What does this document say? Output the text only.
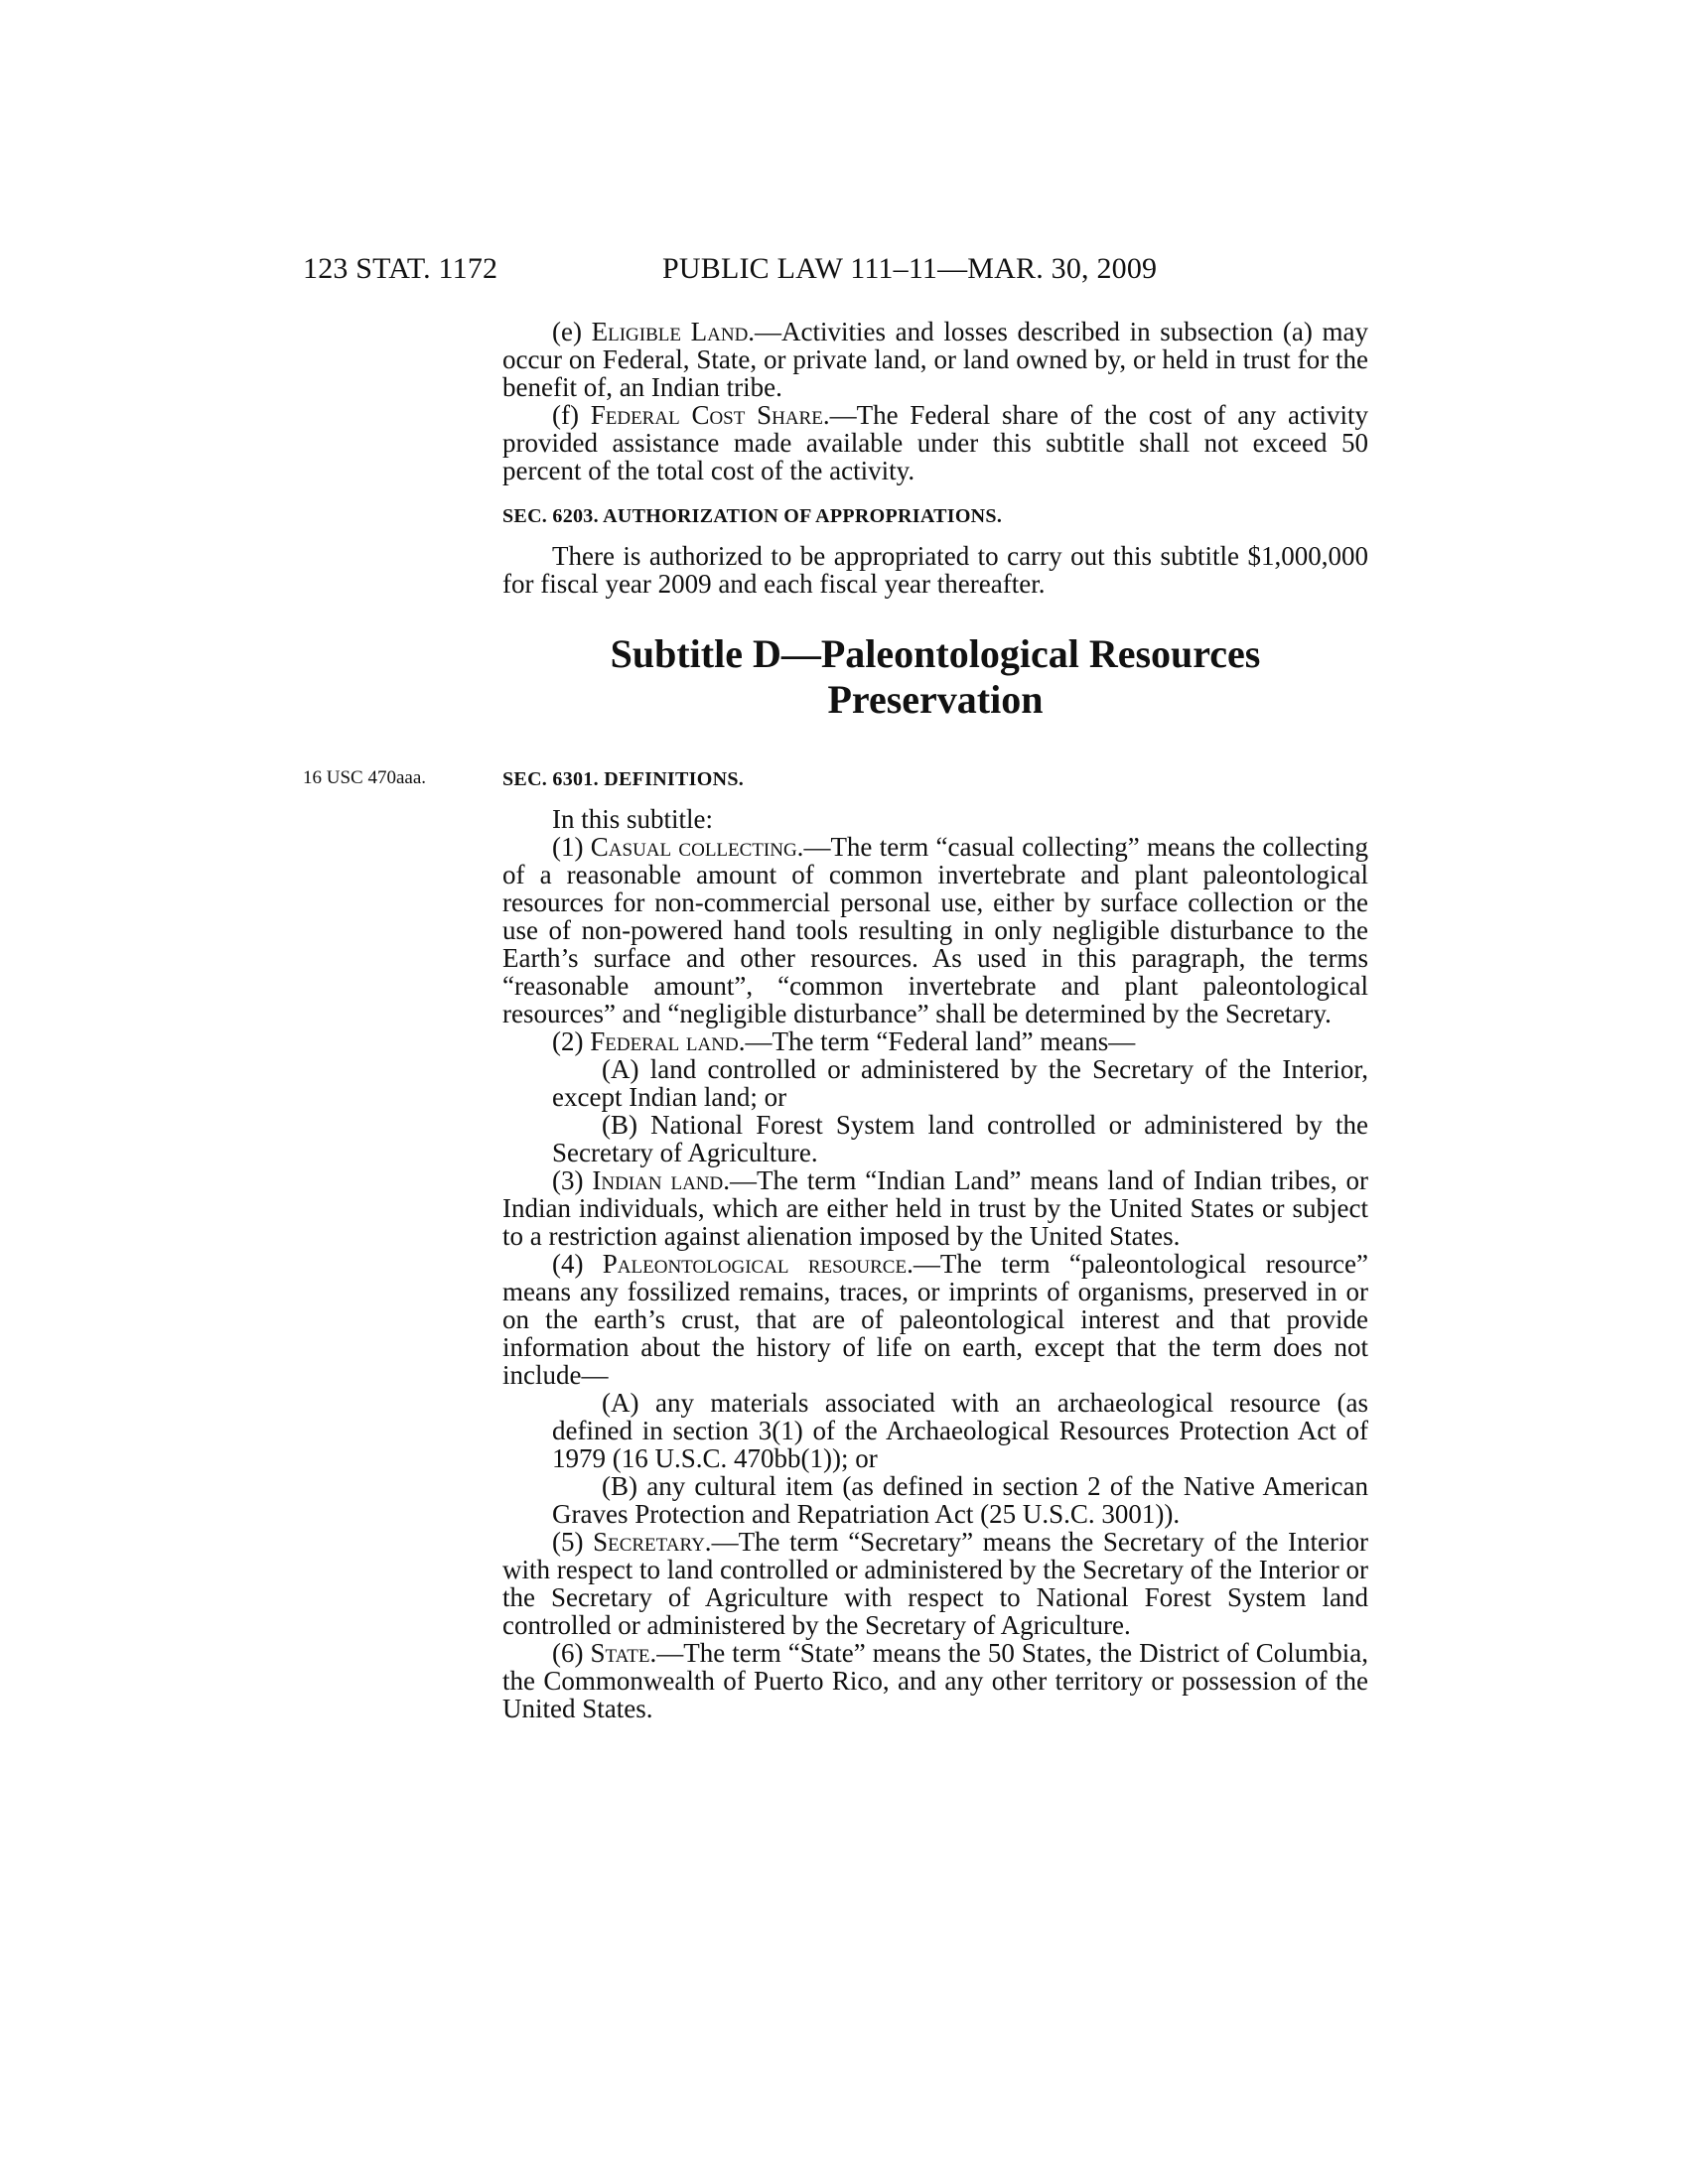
123 STAT. 1172	PUBLIC LAW 111–11—MAR. 30, 2009

(e) Eligible Land.—Activities and losses described in subsection (a) may occur on Federal, State, or private land, or land owned by, or held in trust for the benefit of, an Indian tribe.

(f) Federal Cost Share.—The Federal share of the cost of any activity provided assistance made available under this subtitle shall not exceed 50 percent of the total cost of the activity.

SEC. 6203. AUTHORIZATION OF APPROPRIATIONS.

There is authorized to be appropriated to carry out this subtitle $1,000,000 for fiscal year 2009 and each fiscal year thereafter.

Subtitle D—Paleontological Resources
Preservation
16 USC 470aaa.	SEC. 6301. DEFINITIONS.

In this subtitle:

(1) Casual collecting.—The term “casual collecting” means the collecting of a reasonable amount of common invertebrate and plant paleontological resources for non-commercial personal use, either by surface collection or the use of non-powered hand tools resulting in only negligible disturbance to the Earth’s surface and other resources. As used in this paragraph, the terms “reasonable amount”, “common invertebrate and plant paleontological resources” and “negligible disturbance” shall be determined by the Secretary.

(2) Federal land.—The term “Federal land” means—

(A) land controlled or administered by the Secretary of the Interior, except Indian land; or

(B) National Forest System land controlled or administered by the Secretary of Agriculture.

(3) Indian land.—The term “Indian Land” means land of Indian tribes, or Indian individuals, which are either held in trust by the United States or subject to a restriction against alienation imposed by the United States.

(4) Paleontological resource.—The term “paleontological resource” means any fossilized remains, traces, or imprints of organisms, preserved in or on the earth’s crust, that are of paleontological interest and that provide information about the history of life on earth, except that the term does not include—

(A) any materials associated with an archaeological resource (as defined in section 3(1) of the Archaeological Resources Protection Act of 1979 (16 U.S.C. 470bb(1)); or

(B) any cultural item (as defined in section 2 of the Native American Graves Protection and Repatriation Act (25 U.S.C. 3001)).

(5) Secretary.—The term “Secretary” means the Secretary of the Interior with respect to land controlled or administered by the Secretary of the Interior or the Secretary of Agriculture with respect to National Forest System land controlled or administered by the Secretary of Agriculture.

(6) State.—The term “State” means the 50 States, the District of Columbia, the Commonwealth of Puerto Rico, and any other territory or possession of the United States.
